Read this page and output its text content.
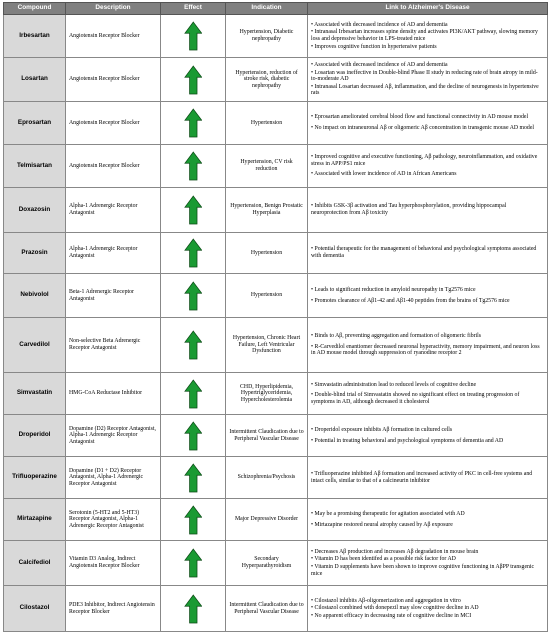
Compound	Description	Effect	Indication	Link to Alzheimer's Disease
Irbesartan	Angiotensin Receptor Blocker		Hypertension, Diabetic nephropathy	• Associated with decreased incidence of AD and dementia
• Intranasal Irbesartan increases spine density and activates PI3K/AKT pathway, slowing memory loss and depressive behavior in LPS-treated mice
• Improves cognitive function in hypertensive patients

Losartan	Angiotensin Receptor Blocker		Hypertension, reduction of stroke risk, diabetic nephropathy	• Associated with decreased incidence of AD and dementia
• Losartan was ineffective in Double-blind Phase II study in reducing rate of brain atropy in mild-to-moderate AD
• Intranasal Losartan decreased Aβ, inflammation, and the decline of neurogenesis in hypertensive rats

Eprosartan	Angiotensin Receptor Blocker		Hypertension	• Eprosartan ameliorated cerebral blood flow and functional connectivity in AD mouse model
• No impact on intraneuronal Aβ or oligomeric Aβ concentration in transgenic mouse AD model

Telmisartan	Angiotensin Receptor Blocker		Hypertension, CV risk reduction	• Improved cognitive and executive functioning, Aβ pathology, neuroinflammation, and oxidative stress in APP/PS1 mice
• Associated with lower incidence of AD in African Americans

Doxazosin	Alpha-1 Adrenergic Receptor Antagonist		Hypertension, Benign Prostatic Hyperplasia	• Inhibits GSK-3β activation and Tau hyperphosphorylation, providing hippocampal neuroprotection from Aβ toxicity

Prazosin	Alpha-1 Adrenergic Receptor Antagonist		Hypertension	• Potential therapeutic for the management of behavioral and psychological symptoms associated with dementia

Nebivolol	Beta-1 Adrenergic Receptor Antagonist		Hypertension	• Leads to significant reduction in amyloid neuropathy in Tg2576 mice
• Promotes clearance of Aβ1-42 and Aβ1-40 peptides from the brains of Tg2576 mice

Carvedilol	Non-selective Beta Adrenergic Receptor Antagonist		Hypertension, Chronic Heart Failure, Left Ventricular Dysfunction	• Binds to Aβ, preventing aggregation and formation of oligomeric fibrils
• R-Carvedilol enantiomer decreased neuronal hyperactivity, memory impairment, and neuron loss in AD mouse model through suppression of ryanodine receptor 2

Simvastatin	HMG-CoA Reductase Inhibitor		CHD, Hyperlipidemia, Hypertriglyceridemia, Hypercholesterolemia	• Simvastatin administration lead to reduced levels of cognitive decline
• Double-blind trial of Simvastatin showed no significant effect on treating progression of symptoms in AD, although decreased it cholesterol

Droperidol	Dopamine (D2) Receptor Antagonist, Alpha-1 Adrenergic Receptor Antagonist		Intermittent Claudication due to Peripheral Vascular Disease	• Droperidol exposure inhibits Aβ formation in cultured cells
• Potential in treating behavioral and psychological symptoms of dementia and AD

Trifluoperazine	Dopamine (D1 + D2) Receptor Antagonist, Alpha-1 Adrenergic Receptor Antagonist		Schizophrenia/Psychosis	• Trifluoperazine inhibited Aβ formation and increased activity of PKC in cell-free systems and intact cells, similar to that of a calcineurin inhibitor

Mirtazapine	Serotonin (5-HT2 and 5-HT3) Receptor Antagonist, Alpha-1 Adrenergic Receptor Antagonist		Major Depressive Disorder	• May be a promising therapeutic for agitation associated with AD
• Mirtazapine restored neural atrophy caused by Aβ exposure

Calcifediol	Vitamin D3 Analog, Indirect Angiotensin Receptor Blocker		Secondary Hyperparathyroidism	• Decreases Aβ production and increases Aβ degradation in mouse brain
• Vitamin D has been identifed as a possible risk factor for AD
• Vitamin D supplements have been shown to improve cognitive functioning in AβPP transgenic mice

Cilostazol	PDE3 Inhibitor, Indirect Angiotensin Receptor Blocker		Intermittent Claudication due to Peripheral Vascular Disease	• Cilostazol inhibits Aβ-oligomerization and aggregation in vitro
• Cilostazol combined with donepezil may slow cognitive decline in AD
• No apparent efficacy in decreasing rate of cognitive decline in MCI
